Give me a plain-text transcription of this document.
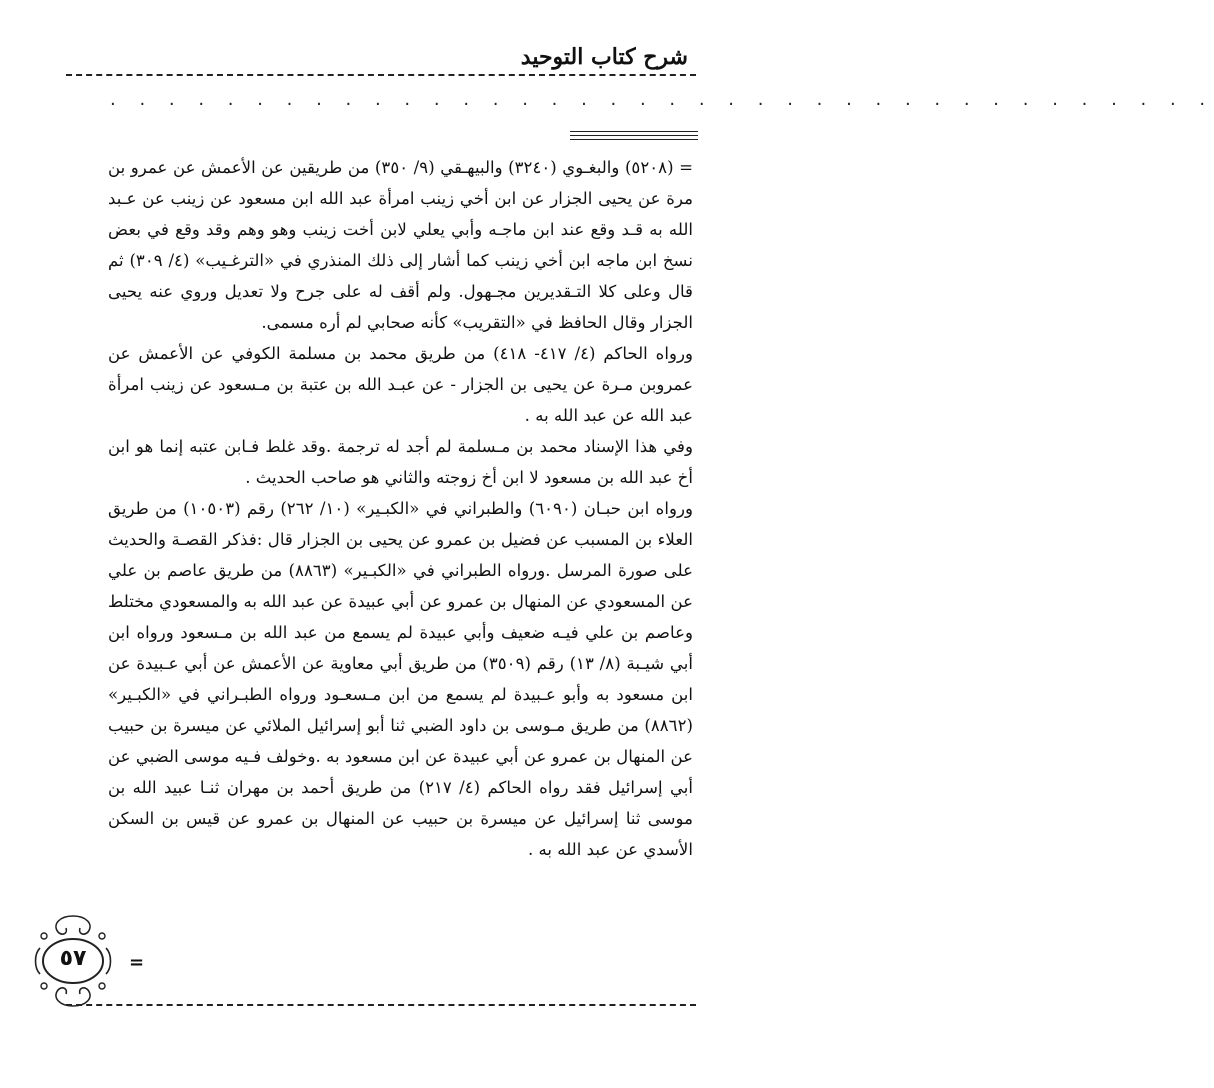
شرح كتاب التوحيد
· · · · · · · · · · · · · · · · · · · · · · · · · · · · · · · · · · · · · ·

= (٥٢٠٨) والبغـوي (٣٢٤٠) والبيهـقي (٩/ ٣٥٠) من طريقين عن الأعمش عن عمرو بن مرة عن يحيى الجزار عن ابن أخي زينب امرأة عبد الله ابن مسعود عن زينب عن عـبد الله به قـد وقع عند ابن ماجـه وأبي يعلي لابن أخت زينب وهو وهم وقد وقع في بعض نسخ ابن ماجه ابن أخي زينب كما أشار إلى ذلك المنذري في «الترغـيب» (٤/ ٣٠٩) ثم قال وعلى كلا التـقديرين مجـهول. ولم أقف له على جرح ولا تعديل وروي عنه يحيى الجزار وقال الحافظ في «التقريب» كأنه صحابي لم أره مسمى.

ورواه الحاكم (٤/ ٤١٧- ٤١٨) من طريق محمد بن مسلمة الكوفي عن الأعمش عن عمروبن مـرة عن يحيى بن الجزار - عن عبـد الله بن عتبة بن مـسعود عن زينب امرأة عبد الله عن عبد الله به .

وفي هذا الإسناد محمد بن مـسلمة لم أجد له ترجمة .وقد غلط فـابن عتبه إنما هو ابن أخ عبد الله بن مسعود لا ابن أخ زوجته والثاني هو صاحب الحديث .

ورواه ابن حبـان (٦٠٩٠) والطبراني في «الكبـير» (١٠/ ٢٦٢) رقم (١٠٥٠٣) من طريق العلاء بن المسبب عن فضيل بن عمرو عن يحيى بن الجزار قال :فذكر القصـة والحديث على صورة المرسل .ورواه الطبراني في «الكبـير» (٨٨٦٣) من طريق عاصم بن علي عن المسعودي عن المنهال بن عمرو عن أبي عبيدة عن عبد الله به والمسعودي مختلط وعاصم بن علي فيـه ضعيف وأبي عبيدة لم يسمع من عبد الله بن مـسعود ورواه ابن أبي شيـبة (٨/ ١٣) رقم (٣٥٠٩) من طريق أبي معاوية عن الأعمش عن أبي عـبيدة عن ابن مسعود به وأبو عـبيدة لم يسمع من ابن مـسعـود ورواه الطبـراني في «الكبـير» (٨٨٦٢) من طريق مـوسى بن داود الضبي ثنا أبو إسرائيل الملائي عن ميسرة بن حبيب عن المنهال بن عمرو عن أبي عبيدة عن ابن مسعود به .وخولف فـيه موسى الضبي عن أبي إسرائيل فقد رواه الحاكم (٤/ ٢١٧) من طريق أحمد بن مهران ثنـا عبيد الله بن موسى ثنا إسرائيل عن ميسرة بن حبيب عن المنهال بن عمرو عن قيس بن السكن الأسدي عن عبد الله به .

=
٥٧
